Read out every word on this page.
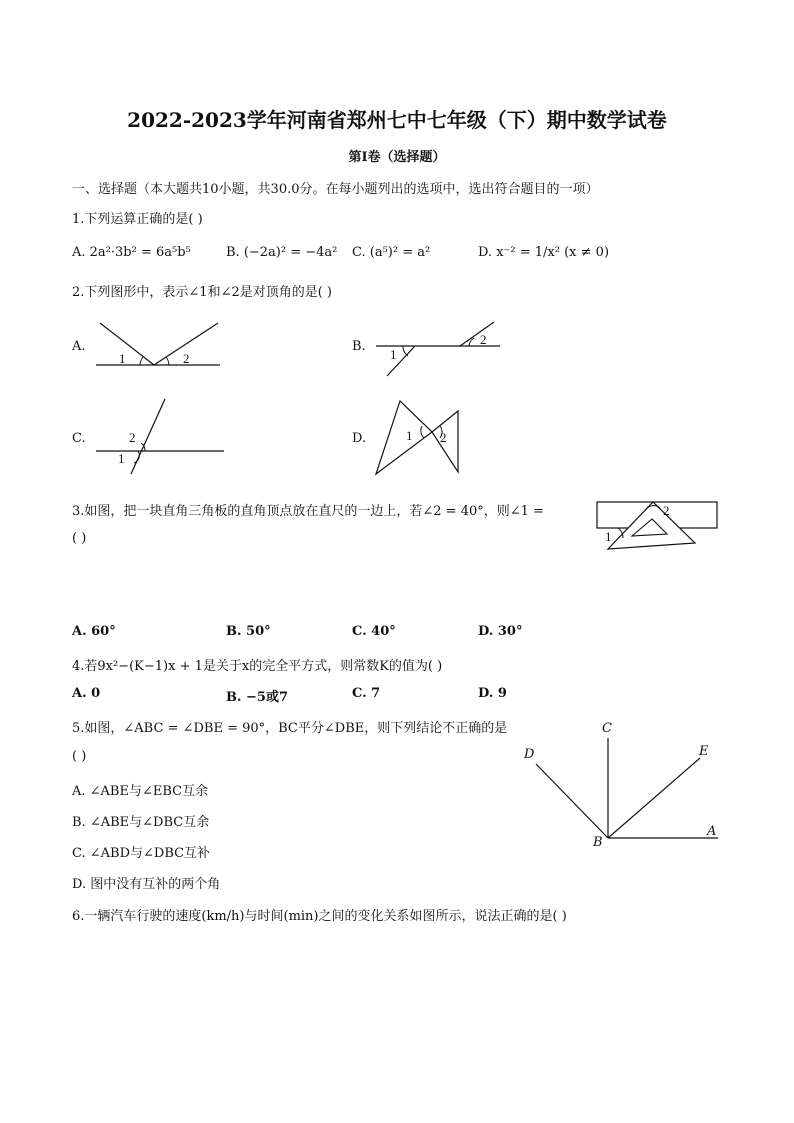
2022-2023学年河南省郑州七中七年级（下）期中数学试卷
第I卷（选择题）
一、选择题（本大题共10小题，共30.0分。在每小题列出的选项中，选出符合题目的一项）
1.下列运算正确的是( )
A. 2a²·3b² = 6a⁵b⁵	B. (−2a)² = −4a² C. (a⁵)² = a²	D. x⁻² = 1/x² (x ≠ 0)
2.下列图形中，表示∠1和∠2是对顶角的是( )
A.
1	2
B.
1
2
C.	2
1
D.	1 2
3.如图，把一块直角三角板的直角顶点放在直尺的一边上，若∠2 = 40°，则∠1 =
( )
2
1
A. 60°	B. 50°	C. 40°	D. 30°
4.若9x²−(K−1)x + 1是关于x的完全平方式，则常数K的值为( )
A. 0	B. −5或7	C. 7	D. 9
5.如图，∠ABC = ∠DBE = 90°，BC平分∠DBE，则下列结论不正确的是
( )
A. ∠ABE与∠EBC互余
B. ∠ABE与∠DBC互余
C. ∠ABD与∠DBC互补
D. 图中没有互补的两个角
C
D	E
B
A
6.一辆汽车行驶的速度(km/h)与时间(min)之间的变化关系如图所示，说法正确的是( )
